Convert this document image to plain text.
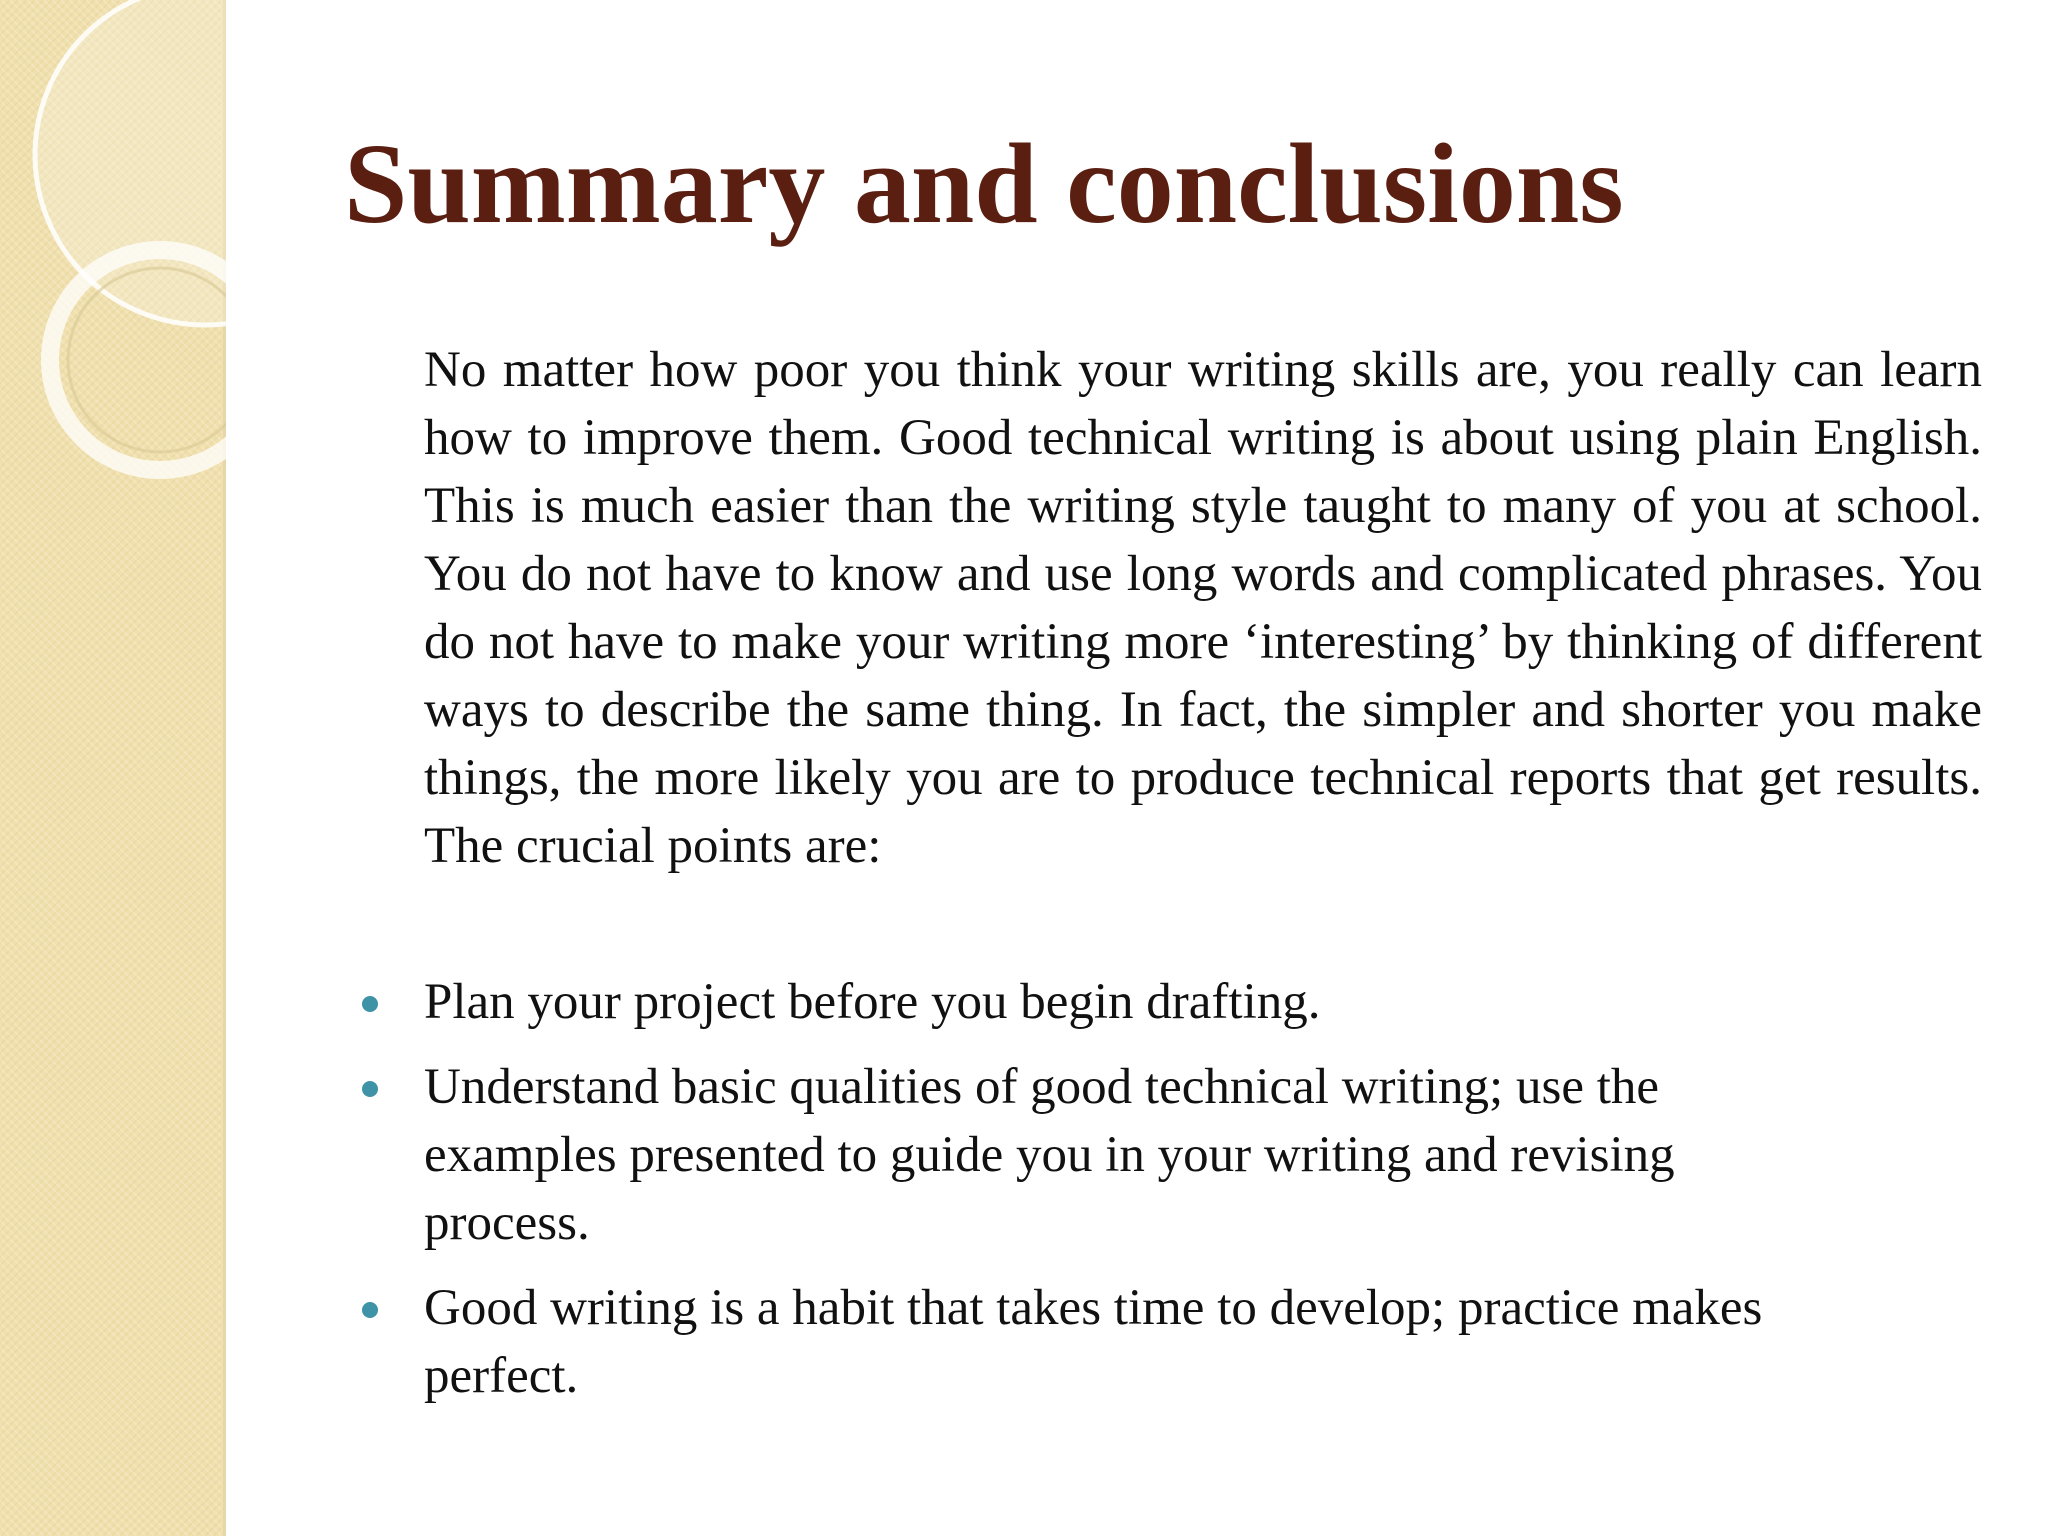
Summary and conclusions

No matter how poor you think your writing skills are, you really can learn how to improve them. Good technical writing is about using plain English. This is much easier than the writing style taught to many of you at school. You do not have to know and use long words and complicated phrases. You do not have to make your writing more ‘interesting’ by thinking of different ways to describe the same thing. In fact, the simpler and shorter you make things, the more likely you are to produce technical reports that get results. The crucial points are:

Plan your project before you begin drafting.
Understand basic qualities of good technical writing; use the examples presented to guide you in your writing and revising process.
Good writing is a habit that takes time to develop; practice makes perfect.
